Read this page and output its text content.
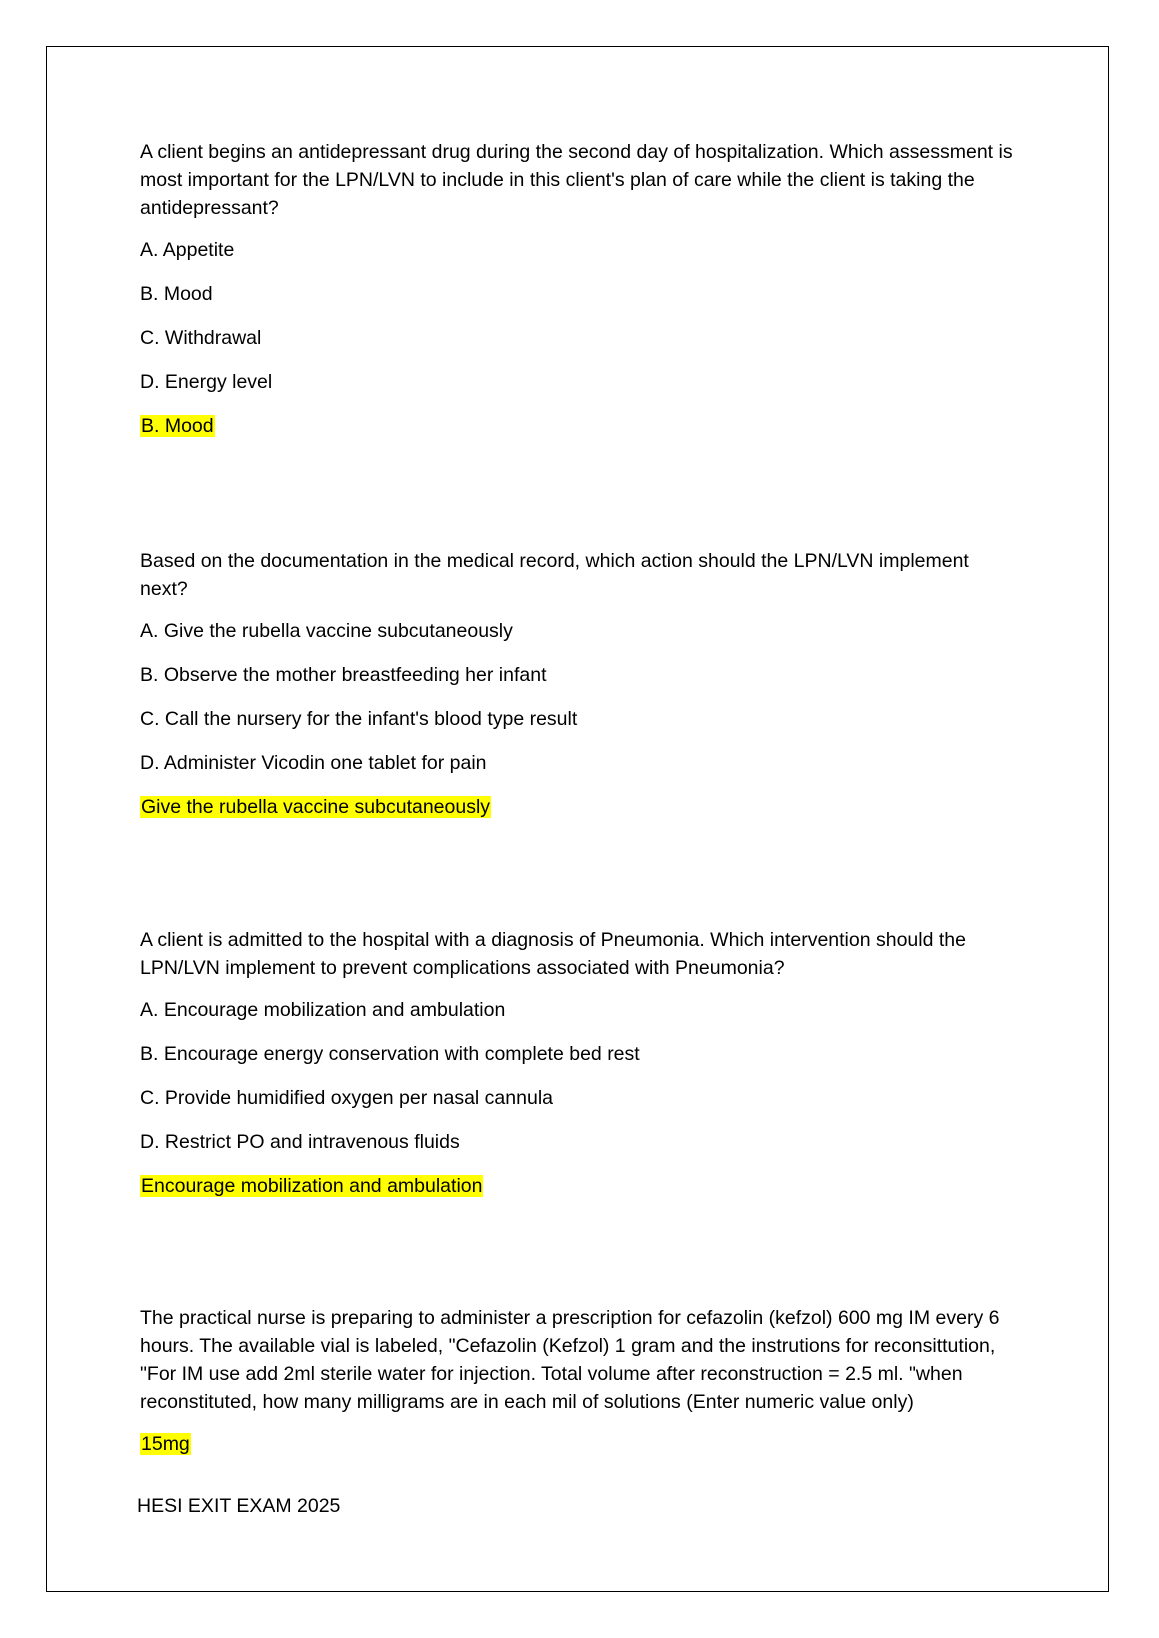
A client begins an antidepressant drug during the second day of hospitalization. Which assessment is most important for the LPN/LVN to include in this client's plan of care while the client is taking the antidepressant?

A. Appetite
B. Mood
C. Withdrawal
D. Energy level

B. Mood

Based on the documentation in the medical record, which action should the LPN/LVN implement next?

A. Give the rubella vaccine subcutaneously
B. Observe the mother breastfeeding her infant
C. Call the nursery for the infant's blood type result
D. Administer Vicodin one tablet for pain

Give the rubella vaccine subcutaneously

A client is admitted to the hospital with a diagnosis of Pneumonia. Which intervention should the LPN/LVN implement to prevent complications associated with Pneumonia?

A. Encourage mobilization and ambulation
B. Encourage energy conservation with complete bed rest
C. Provide humidified oxygen per nasal cannula
D. Restrict PO and intravenous fluids

Encourage mobilization and ambulation

The practical nurse is preparing to administer a prescription for cefazolin (kefzol) 600 mg IM every 6 hours. The available vial is labeled, "Cefazolin (Kefzol) 1 gram and the instrutions for reconsittution, "For IM use add 2ml sterile water for injection. Total volume after reconstruction = 2.5 ml. "when reconstituted, how many milligrams are in each mil of solutions (Enter numeric value only)

15mg

HESI EXIT EXAM 2025
